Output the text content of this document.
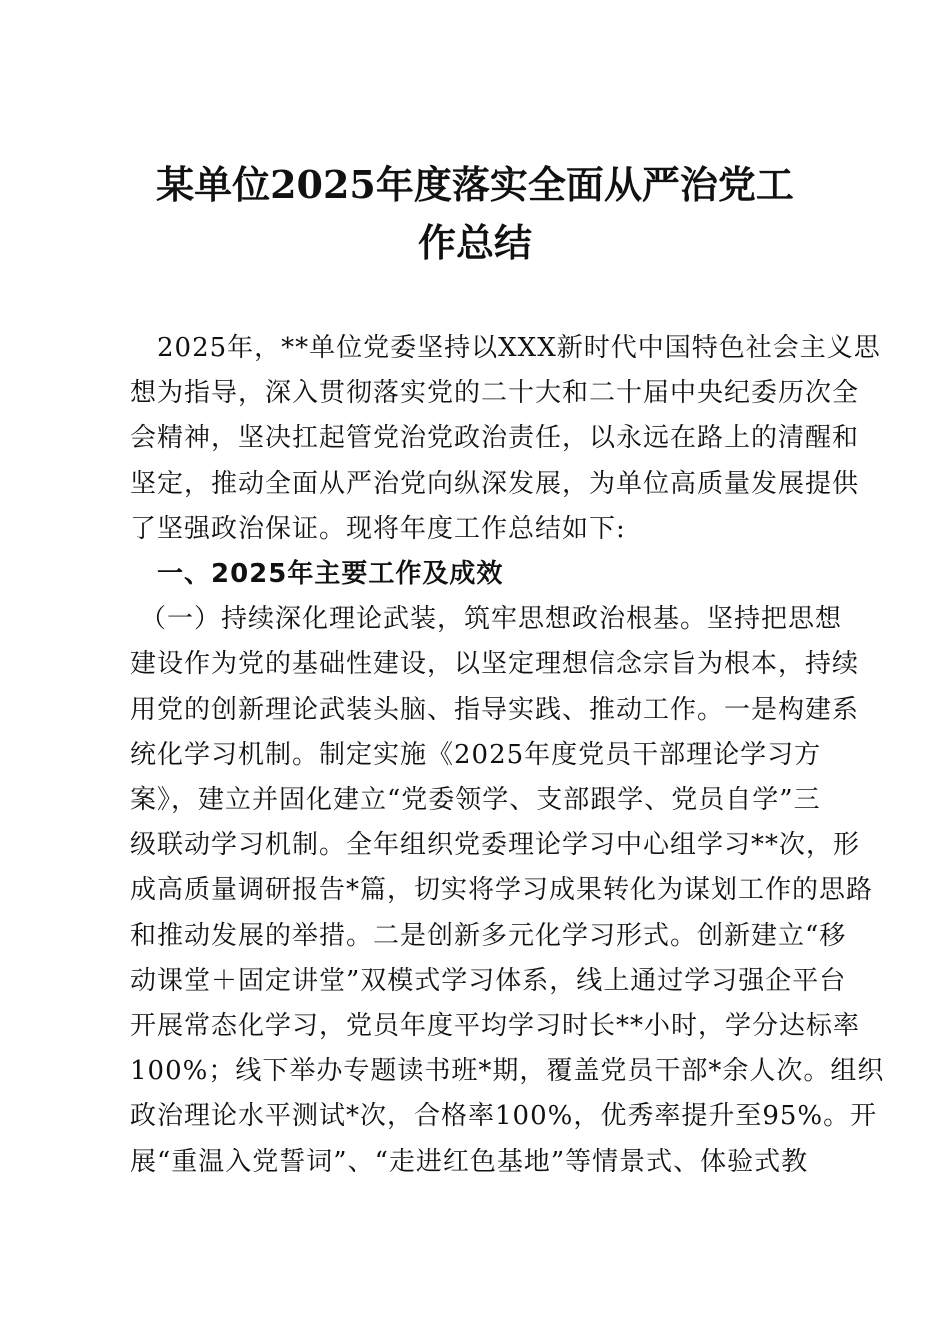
某单位2025年度落实全面从严治党工
作总结
　2025年，**单位党委坚持以XXX新时代中国特色社会主义思
想为指导，深入贯彻落实党的二十大和二十届中央纪委历次全
会精神，坚决扛起管党治党政治责任，以永远在路上的清醒和
坚定，推动全面从严治党向纵深发展，为单位高质量发展提供
了坚强政治保证。现将年度工作总结如下:
　一、2025年主要工作及成效
（一）持续深化理论武装，筑牢思想政治根基。坚持把思想
建设作为党的基础性建设，以坚定理想信念宗旨为根本，持续
用党的创新理论武装头脑、指导实践、推动工作。一是构建系
统化学习机制。制定实施《2025年度党员干部理论学习方
案》，建立并固化建立“党委领学、支部跟学、党员自学”三
级联动学习机制。全年组织党委理论学习中心组学习**次，形
成高质量调研报告*篇，切实将学习成果转化为谋划工作的思路
和推动发展的举措。二是创新多元化学习形式。创新建立“移
动课堂＋固定讲堂”双模式学习体系，线上通过学习强企平台
开展常态化学习，党员年度平均学习时长**小时，学分达标率
100%；线下举办专题读书班*期，覆盖党员干部*余人次。组织
政治理论水平测试*次，合格率100%，优秀率提升至95%。开
展“重温入党誓词”、“走进红色基地”等情景式、体验式教
